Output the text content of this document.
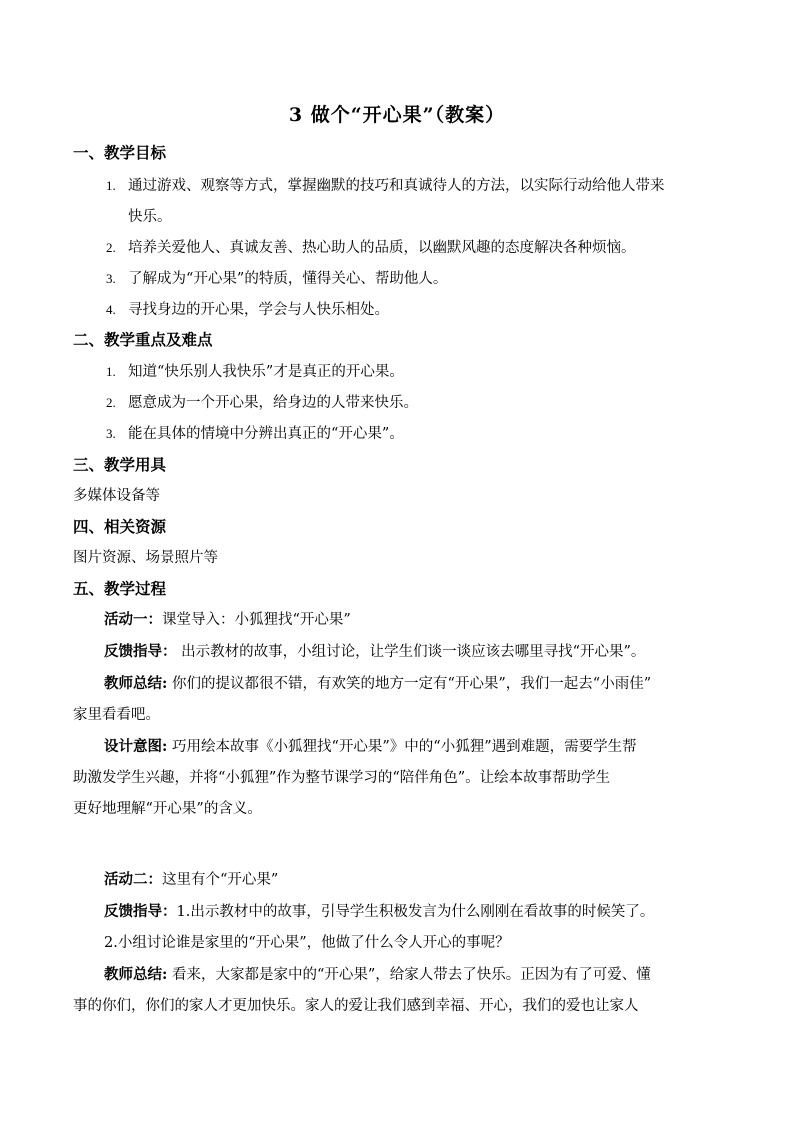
3 做个“开心果”（教案）
一、教学目标
1. 通过游戏、观察等方式，掌握幽默的技巧和真诚待人的方法，以实际行动给他人带来
快乐。
2. 培养关爱他人、真诚友善、热心助人的品质，以幽默风趣的态度解决各种烦恼。
3. 了解成为“开心果”的特质，懂得关心、帮助他人。
4. 寻找身边的开心果，学会与人快乐相处。
二、教学重点及难点
1. 知道“快乐别人我快乐”才是真正的开心果。
2. 愿意成为一个开心果，给身边的人带来快乐。
3. 能在具体的情境中分辨出真正的“开心果”。
三、教学用具
多媒体设备等
四、相关资源
图片资源、场景照片等
五、教学过程
活动一：课堂导入：小狐狸找“开心果”
反馈指导： 出示教材的故事，小组讨论，让学生们谈一谈应该去哪里寻找“开心果”。
教师总结: 你们的提议都很不错，有欢笑的地方一定有“开心果”，我们一起去“小雨佳”
家里看看吧。
设计意图: 巧用绘本故事《小狐狸找“开心果”》中的“小狐狸”遇到难题，需要学生帮
助激发学生兴趣，并将“小狐狸”作为整节课学习的“陪伴角色”。让绘本故事帮助学生
更好地理解“开心果”的含义。
活动二：这里有个“开心果”
反馈指导：1.出示教材中的故事，引导学生积极发言为什么刚刚在看故事的时候笑了。
2.小组讨论谁是家里的“开心果”，他做了什么令人开心的事呢？
教师总结: 看来，大家都是家中的“开心果”，给家人带去了快乐。正因为有了可爱、懂
事的你们，你们的家人才更加快乐。家人的爱让我们感到幸福、开心，我们的爱也让家人
